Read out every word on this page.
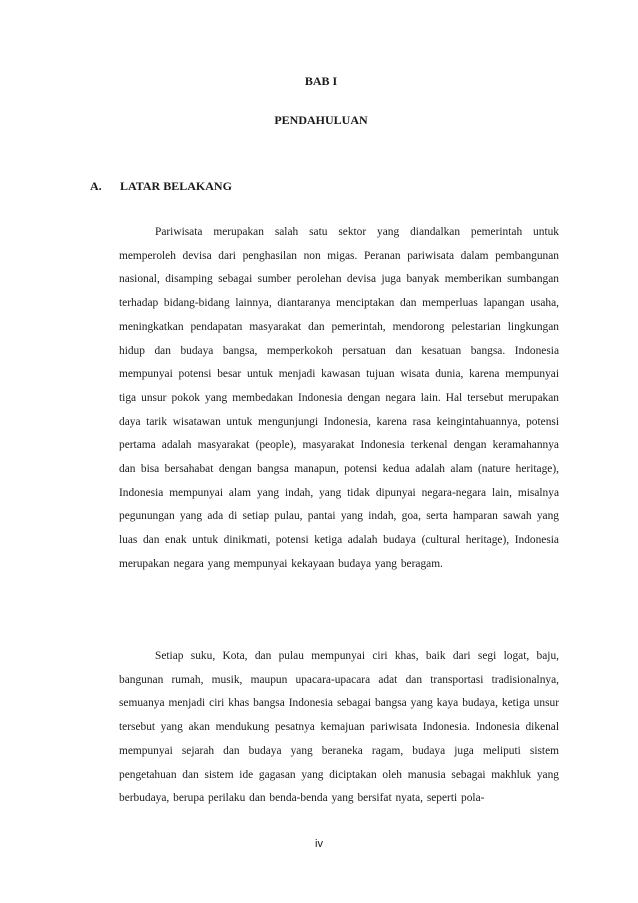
BAB I
PENDAHULUAN
A. LATAR BELAKANG

Pariwisata merupakan salah satu sektor yang diandalkan pemerintah untuk memperoleh devisa dari penghasilan non migas. Peranan pariwisata dalam pembangunan nasional, disamping sebagai sumber perolehan devisa juga banyak memberikan sumbangan terhadap bidang-bidang lainnya, diantaranya menciptakan dan memperluas lapangan usaha, meningkatkan pendapatan masyarakat dan pemerintah, mendorong pelestarian lingkungan hidup dan budaya bangsa, memperkokoh persatuan dan kesatuan bangsa. Indonesia mempunyai potensi besar untuk menjadi kawasan tujuan wisata dunia, karena mempunyai tiga unsur pokok yang membedakan Indonesia dengan negara lain. Hal tersebut merupakan daya tarik wisatawan untuk mengunjungi Indonesia, karena rasa keingintahuannya, potensi pertama adalah masyarakat (people), masyarakat Indonesia terkenal dengan keramahannya dan bisa bersahabat dengan bangsa manapun, potensi kedua adalah alam (nature heritage), Indonesia mempunyai alam yang indah, yang tidak dipunyai negara-negara lain, misalnya pegunungan yang ada di setiap pulau, pantai yang indah, goa, serta hamparan sawah yang luas dan enak untuk dinikmati, potensi ketiga adalah budaya (cultural heritage), Indonesia merupakan negara yang mempunyai kekayaan budaya yang beragam.

Setiap suku, Kota, dan pulau mempunyai ciri khas, baik dari segi logat, baju, bangunan rumah, musik, maupun upacara-upacara adat dan transportasi tradisionalnya, semuanya menjadi ciri khas bangsa Indonesia sebagai bangsa yang kaya budaya, ketiga unsur tersebut yang akan mendukung pesatnya kemajuan pariwisata Indonesia. Indonesia dikenal mempunyai sejarah dan budaya yang beraneka ragam, budaya juga meliputi sistem pengetahuan dan sistem ide gagasan yang diciptakan oleh manusia sebagai makhluk yang berbudaya, berupa perilaku dan benda-benda yang bersifat nyata, seperti pola-

iv
